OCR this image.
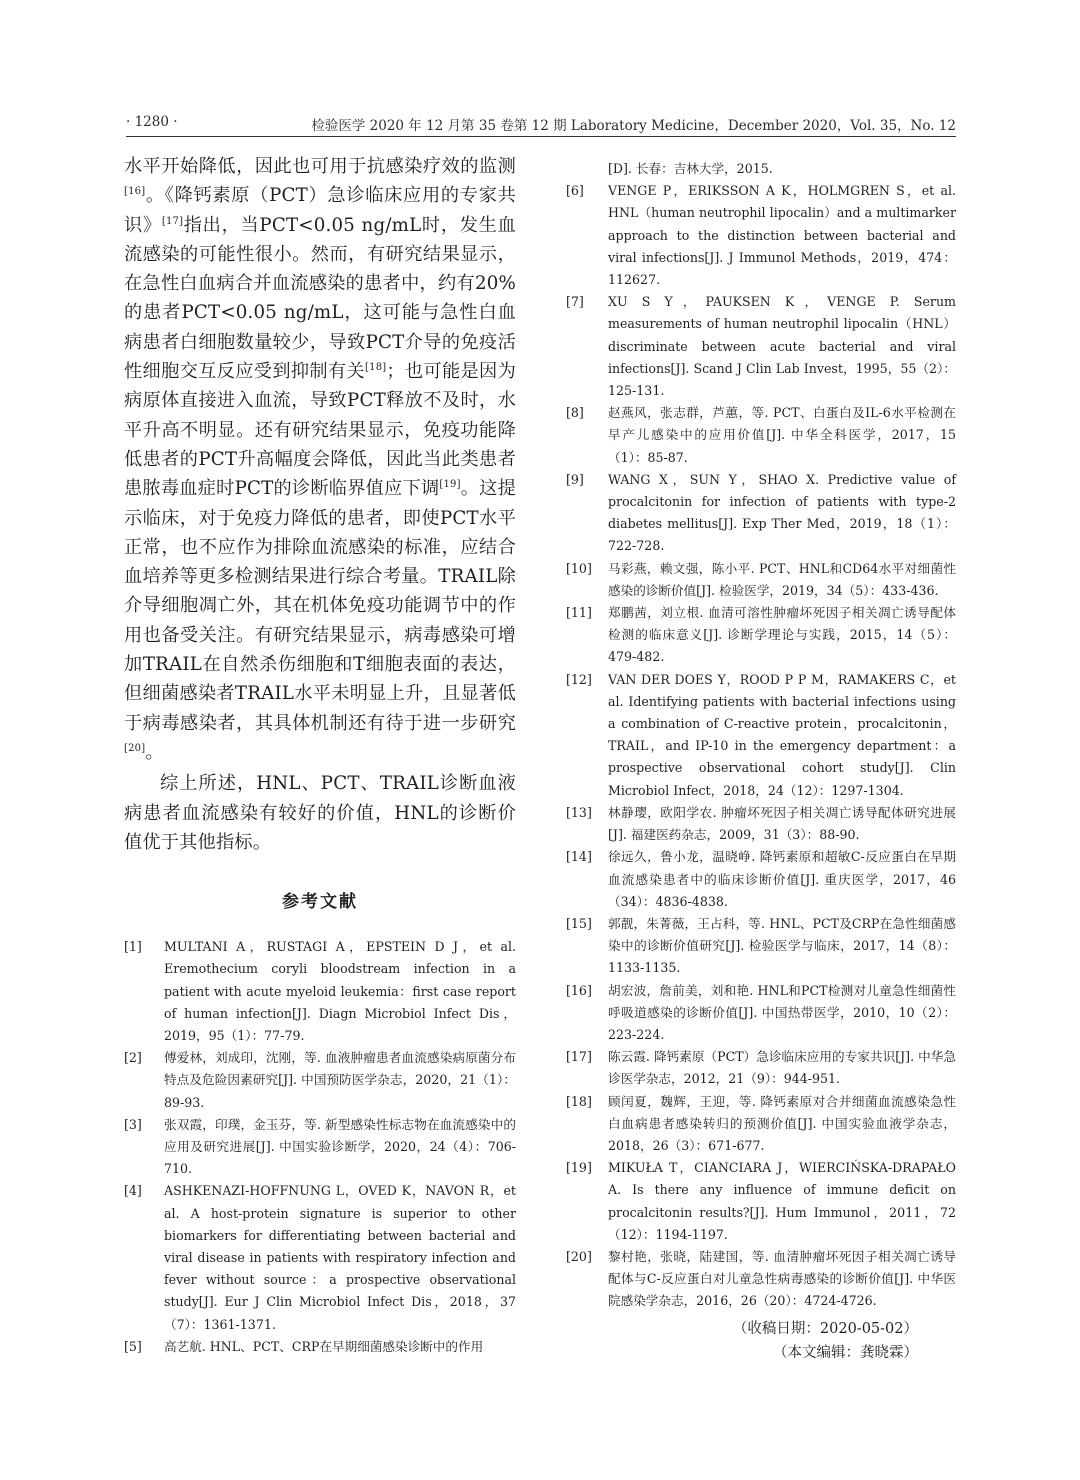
· 1280 ·	检验医学 2020 年 12 月第 35 卷第 12 期 Laboratory Medicine，December 2020，Vol. 35，No. 12

水平开始降低，因此也可用于抗感染疗效的监测[16]。《降钙素原（PCT）急诊临床应用的专家共识》[17]指出，当PCT<0.05 ng/mL时，发生血流感染的可能性很小。然而，有研究结果显示，在急性白血病合并血流感染的患者中，约有20%的患者PCT<0.05 ng/mL，这可能与急性白血病患者白细胞数量较少，导致PCT介导的免疫活性细胞交互反应受到抑制有关[18]；也可能是因为病原体直接进入血流，导致PCT释放不及时，水平升高不明显。还有研究结果显示，免疫功能降低患者的PCT升高幅度会降低，因此当此类患者患脓毒血症时PCT的诊断临界值应下调[19]。这提示临床，对于免疫力降低的患者，即使PCT水平正常，也不应作为排除血流感染的标准，应结合血培养等更多检测结果进行综合考量。TRAIL除介导细胞凋亡外，其在机体免疫功能调节中的作用也备受关注。有研究结果显示，病毒感染可增加TRAIL在自然杀伤细胞和T细胞表面的表达，但细菌感染者TRAIL水平未明显上升，且显著低于病毒感染者，其具体机制还有待于进一步研究[20]。

综上所述，HNL、PCT、TRAIL诊断血液病患者血流感染有较好的价值，HNL的诊断价值优于其他指标。

参考文献
[1] MULTANI A，RUSTAGI A，EPSTEIN D J，et al. Eremothecium coryli bloodstream infection in a patient with acute myeloid leukemia：first case report of human infection[J]. Diagn Microbiol Infect Dis，2019，95（1）：77-79.
[2] 傅爱林，刘成印，沈刚，等. 血液肿瘤患者血流感染病原菌分布特点及危险因素研究[J]. 中国预防医学杂志，2020，21（1）：89-93.
[3] 张双霞，印璞，金玉芬，等. 新型感染性标志物在血流感染中的应用及研究进展[J]. 中国实验诊断学，2020，24（4）：706-710.
[4] ASHKENAZI-HOFFNUNG L，OVED K，NAVON R，et al. A host-protein signature is superior to other biomarkers for differentiating between bacterial and viral disease in patients with respiratory infection and fever without source：a prospective observational study[J]. Eur J Clin Microbiol Infect Dis，2018，37（7）：1361-1371.
[5] 高艺航. HNL、PCT、CRP在早期细菌感染诊断中的作用
[D]. 长春：吉林大学，2015.
[6] VENGE P，ERIKSSON A K，HOLMGREN S，et al. HNL（human neutrophil lipocalin）and a multimarker approach to the distinction between bacterial and viral infections[J]. J Immunol Methods，2019，474：112627.
[7] XU S Y，PAUKSEN K，VENGE P. Serum measurements of human neutrophil lipocalin（HNL）discriminate between acute bacterial and viral infections[J]. Scand J Clin Lab Invest，1995，55（2）：125-131.
[8] 赵燕风，张志群，芦蕙，等. PCT、白蛋白及IL-6水平检测在早产儿感染中的应用价值[J]. 中华全科医学，2017，15（1）：85-87.
[9] WANG X，SUN Y，SHAO X. Predictive value of procalcitonin for infection of patients with type-2 diabetes mellitus[J]. Exp Ther Med，2019，18（1）：722-728.
[10] 马彩燕，赖文强，陈小平. PCT、HNL和CD64水平对细菌性感染的诊断价值[J]. 检验医学，2019，34（5）：433-436.
[11] 郑鹏茜，刘立根. 血清可溶性肿瘤坏死因子相关凋亡诱导配体检测的临床意义[J]. 诊断学理论与实践，2015，14（5）：479-482.
[12] VAN DER DOES Y，ROOD P P M，RAMAKERS C，et al. Identifying patients with bacterial infections using a combination of C-reactive protein，procalcitonin，TRAIL，and IP-10 in the emergency department：a prospective observational cohort study[J]. Clin Microbiol Infect，2018，24（12）：1297-1304.
[13] 林静璎，欧阳学农. 肿瘤坏死因子相关凋亡诱导配体研究进展[J]. 福建医药杂志，2009，31（3）：88-90.
[14] 徐远久，鲁小龙，温晓峥. 降钙素原和超敏C-反应蛋白在早期血流感染患者中的临床诊断价值[J]. 重庆医学，2017，46（34）：4836-4838.
[15] 郭靓，朱菁薇，王占科，等. HNL、PCT及CRP在急性细菌感染中的诊断价值研究[J]. 检验医学与临床，2017，14（8）：1133-1135.
[16] 胡宏波，詹前美，刘和艳. HNL和PCT检测对儿童急性细菌性呼吸道感染的诊断价值[J]. 中国热带医学，2010，10（2）：223-224.
[17] 陈云霞. 降钙素原（PCT）急诊临床应用的专家共识[J]. 中华急诊医学杂志，2012，21（9）：944-951.
[18] 顾闰夏，魏辉，王迎，等. 降钙素原对合并细菌血流感染急性白血病患者感染转归的预测价值[J]. 中国实验血液学杂志，2018，26（3）：671-677.
[19] MIKUŁA T，CIANCIARA J，WIERCIŃSKA-DRAPAŁO A. Is there any influence of immune deficit on procalcitonin results?[J]. Hum Immunol，2011，72（12）：1194-1197.
[20] 黎村艳，张晓，陆建国，等. 血清肿瘤坏死因子相关凋亡诱导配体与C-反应蛋白对儿童急性病毒感染的诊断价值[J]. 中华医院感染学杂志，2016，26（20）：4724-4726.
（收稿日期：2020-05-02）
（本文编辑：龚晓霖）
